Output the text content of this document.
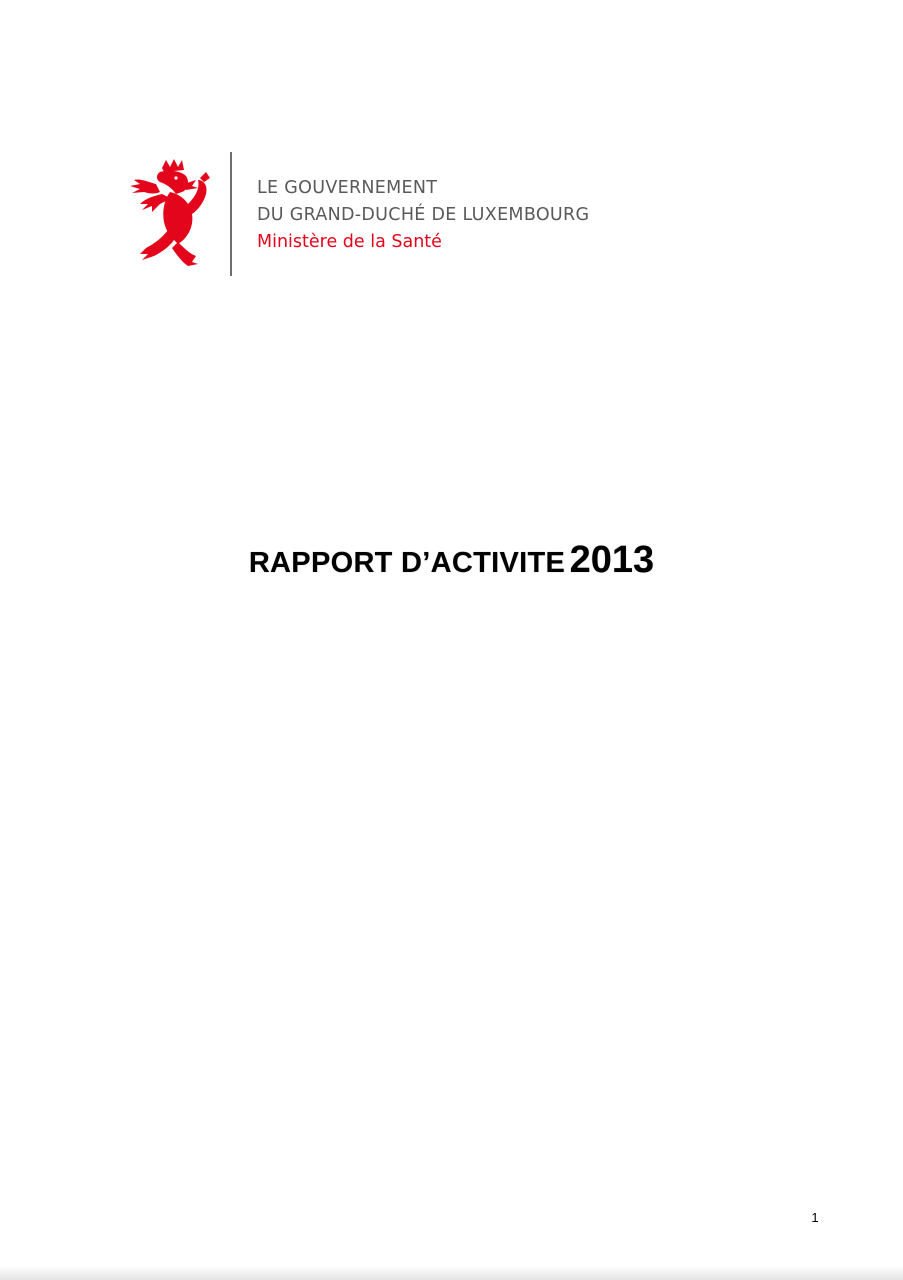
LE GOUVERNEMENT
DU GRAND-DUCHÉ DE LUXEMBOURG
Ministère de la Santé
RAPPORT D’ACTIVITE 2013
1
